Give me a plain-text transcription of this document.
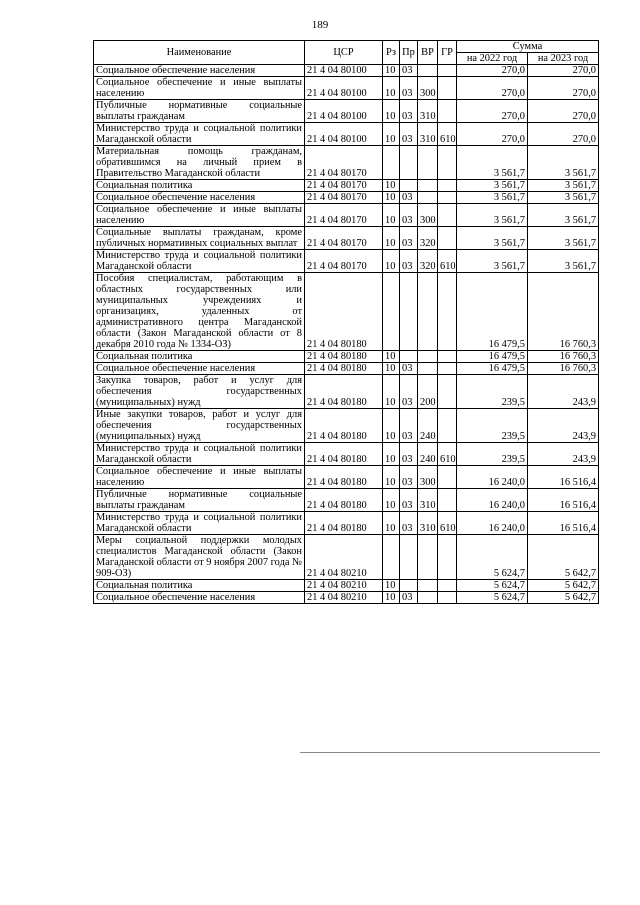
189
Наименование	ЦСР	Рз	Пр	ВР	ГР	Сумма	
						на 2022 год	на 2023 год
Социальное обеспечение населения	21 4 04 80100	10	03			270,0	270,0
Социальное обеспечение и иные выплаты населению	21 4 04 80100	10	03	300		270,0	270,0
Публичные нормативные социальные выплаты гражданам	21 4 04 80100	10	03	310		270,0	270,0
Министерство труда и социальной политики Магаданской области	21 4 04 80100	10	03	310	610	270,0	270,0
Материальная помощь гражданам, обратившимся на личный прием в Правительство Магаданской области	21 4 04 80170					3 561,7	3 561,7
Социальная политика	21 4 04 80170	10				3 561,7	3 561,7
Социальное обеспечение населения	21 4 04 80170	10	03			3 561,7	3 561,7
Социальное обеспечение и иные выплаты населению	21 4 04 80170	10	03	300		3 561,7	3 561,7
Социальные выплаты гражданам, кроме публичных нормативных социальных выплат	21 4 04 80170	10	03	320		3 561,7	3 561,7
Министерство труда и социальной политики Магаданской области	21 4 04 80170	10	03	320	610	3 561,7	3 561,7
Пособия специалистам, работающим в областных государственных или муниципальных учреждениях и организациях, удаленных от административного центра Магаданской области (Закон Магаданской области от 8 декабря 2010 года № 1334-ОЗ)	21 4 04 80180					16 479,5	16 760,3
Социальная политика	21 4 04 80180	10				16 479,5	16 760,3
Социальное обеспечение населения	21 4 04 80180	10	03			16 479,5	16 760,3
Закупка товаров, работ и услуг для обеспечения государственных (муниципальных) нужд	21 4 04 80180	10	03	200		239,5	243,9
Иные закупки товаров, работ и услуг для обеспечения государственных (муниципальных) нужд	21 4 04 80180	10	03	240		239,5	243,9
Министерство труда и социальной политики Магаданской области	21 4 04 80180	10	03	240	610	239,5	243,9
Социальное обеспечение и иные выплаты населению	21 4 04 80180	10	03	300		16 240,0	16 516,4
Публичные нормативные социальные выплаты гражданам	21 4 04 80180	10	03	310		16 240,0	16 516,4
Министерство труда и социальной политики Магаданской области	21 4 04 80180	10	03	310	610	16 240,0	16 516,4
Меры социальной поддержки молодых специалистов Магаданской области (Закон Магаданской области от 9 ноября 2007 года № 909-ОЗ)	21 4 04 80210					5 624,7	5 642,7
Социальная политика	21 4 04 80210	10				5 624,7	5 642,7
Социальное обеспечение населения	21 4 04 80210	10	03			5 624,7	5 642,7
